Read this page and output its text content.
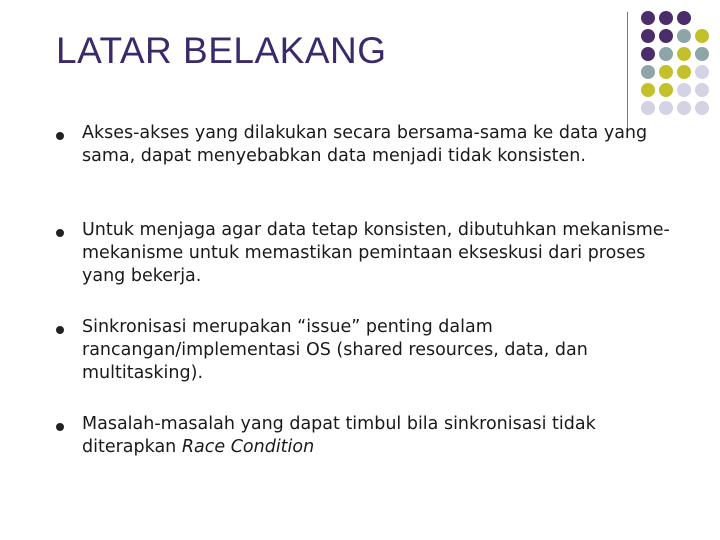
LATAR BELAKANG
Akses-akses yang dilakukan secara bersama-sama ke data yang sama, dapat menyebabkan data menjadi tidak konsisten.
Untuk menjaga agar data tetap konsisten, dibutuhkan mekanisme-mekanisme untuk memastikan pemintaan ekseskusi dari proses yang bekerja.
Sinkronisasi merupakan “issue” penting dalam rancangan/implementasi OS (shared resources, data, dan multitasking).
Masalah-masalah yang dapat timbul bila sinkronisasi tidak diterapkan Race Condition
